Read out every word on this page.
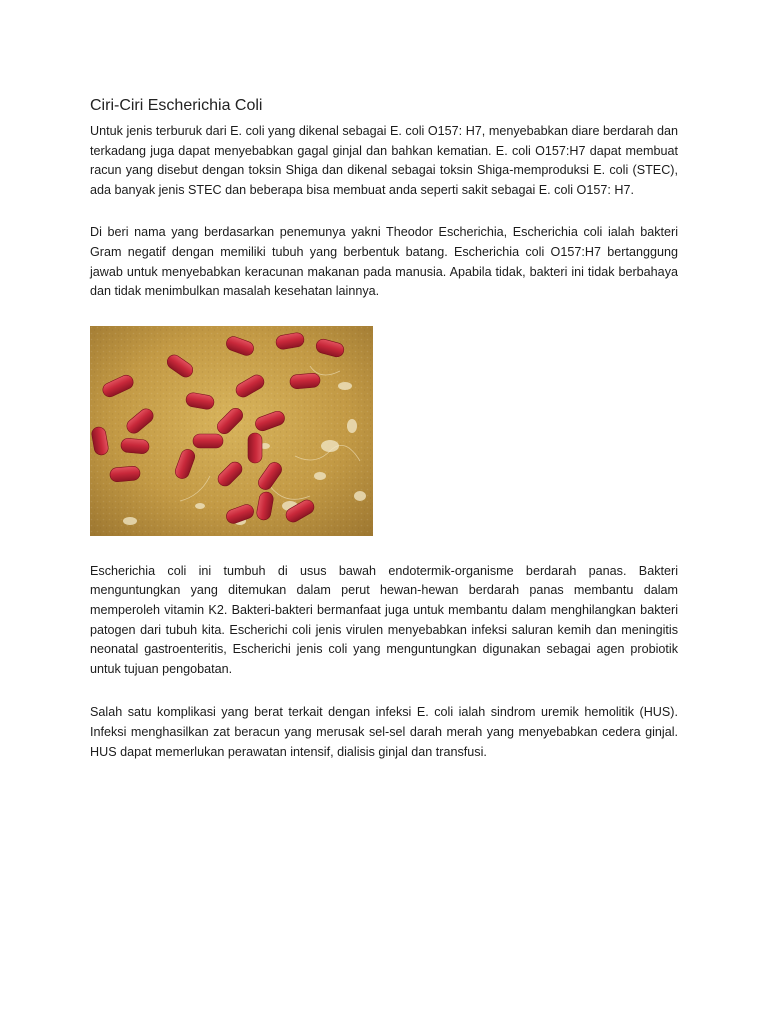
Ciri-Ciri Escherichia Coli

Untuk jenis terburuk dari E. coli yang dikenal sebagai E. coli O157: H7, menyebabkan diare berdarah dan terkadang juga dapat menyebabkan gagal ginjal dan bahkan kematian. E. coli O157:H7 dapat membuat racun yang disebut dengan toksin Shiga dan dikenal sebagai toksin Shiga-memproduksi E. coli (STEC), ada banyak jenis STEC dan beberapa bisa membuat anda seperti sakit sebagai E. coli O157: H7.

Di beri nama yang berdasarkan penemunya yakni Theodor Escherichia, Escherichia coli ialah bakteri Gram negatif dengan memiliki tubuh yang berbentuk batang. Escherichia coli O157:H7 bertanggung jawab untuk menyebabkan keracunan makanan pada manusia. Apabila tidak, bakteri ini tidak berbahaya dan tidak menimbulkan masalah kesehatan lainnya.

Escherichia coli ini tumbuh di usus bawah endotermik-organisme berdarah panas. Bakteri menguntungkan yang ditemukan dalam perut hewan-hewan berdarah panas membantu dalam memperoleh vitamin K2. Bakteri-bakteri bermanfaat juga untuk membantu dalam menghilangkan bakteri patogen dari tubuh kita. Escherichi coli jenis virulen menyebabkan infeksi saluran kemih dan meningitis neonatal gastroenteritis, Escherichi jenis coli yang menguntungkan digunakan sebagai agen probiotik untuk tujuan pengobatan.

Salah satu komplikasi yang berat terkait dengan infeksi E. coli ialah sindrom uremik hemolitik (HUS). Infeksi menghasilkan zat beracun yang merusak sel-sel darah merah yang menyebabkan cedera ginjal. HUS dapat memerlukan perawatan intensif, dialisis ginjal dan transfusi.
